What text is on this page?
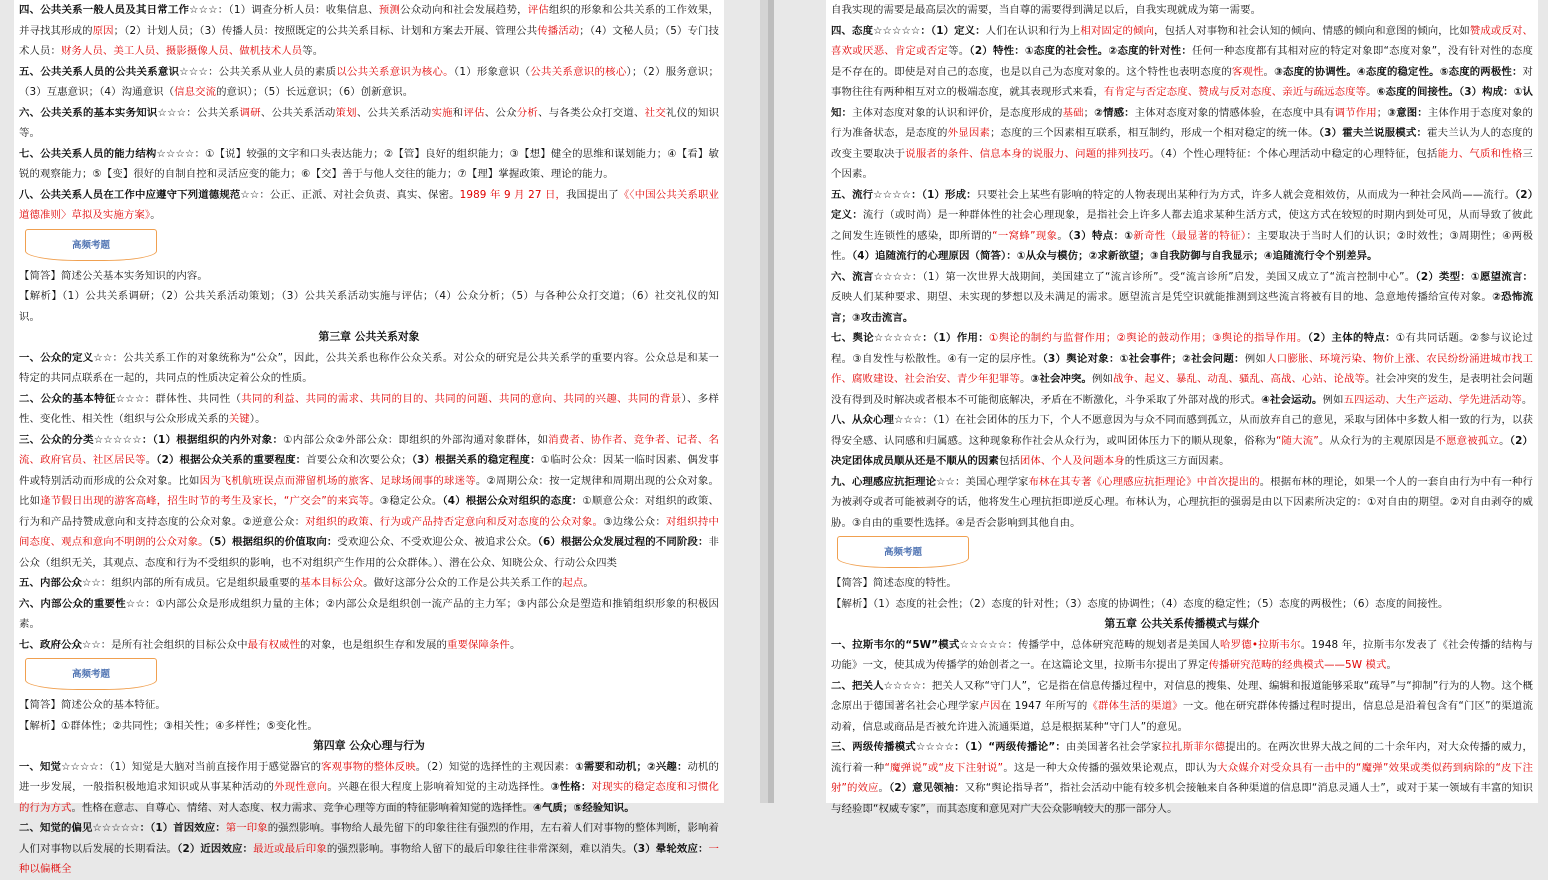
四、公共关系一般人员及其日常工作☆☆☆：（1）调查分析人员：收集信息、预测公众动向和社会发展趋势，评估组织的形象和公共关系的工作效果，并寻找其形成的原因；（2）计划人员；（3）传播人员：按照既定的公共关系目标、计划和方案去开展、管理公共传播活动；（4）文秘人员；（5）专门技术人员：财务人员、美工人员、摄影摄像人员、做机技术人员等。

五、公共关系人员的公共关系意识☆☆☆：公共关系从业人员的素质以公共关系意识为核心。（1）形象意识（公共关系意识的核心）；（2）服务意识；（3）互惠意识；（4）沟通意识（信息交流的意识）；（5）长远意识；（6）创新意识。

六、公共关系的基本实务知识☆☆☆：公共关系调研、公共关系活动策划、公共关系活动实施和评估、公众分析、与各类公众打交道、社交礼仪的知识等。

七、公共关系人员的能力结构☆☆☆☆：①【说】较强的文字和口头表达能力；②【管】良好的组织能力；③【想】健全的思维和谋划能力；④【看】敏锐的观察能力；⑤【变】很好的自制自控和灵活应变的能力；⑥【交】善于与他人交往的能力；⑦【理】掌握政策、理论的能力。

八、公共关系人员在工作中应遵守下列道德规范☆☆：公正、正派、对社会负责、真实、保密。1989 年 9 月 27 日，我国提出了《〈中国公共关系职业道德准则〉草拟及实施方案》。

高频考题

【简答】简述公关基本实务知识的内容。

【解析】（1）公共关系调研；（2）公共关系活动策划；（3）公共关系活动实施与评估；（4）公众分析；（5）与各种公众打交道；（6）社交礼仪的知识。

第三章 公共关系对象

一、公众的定义☆☆：公共关系工作的对象统称为“公众”，因此，公共关系也称作公众关系。对公众的研究是公共关系学的重要内容。公众总是和某一特定的共同点联系在一起的，共同点的性质决定着公众的性质。

二、公众的基本特征☆☆☆：群体性、共同性（共同的利益、共同的需求、共同的目的、共同的问题、共同的意向、共同的兴趣、共同的背景）、多样性、变化性、相关性（组织与公众形成关系的关键）。

三、公众的分类☆☆☆☆☆：（1）根据组织的内外对象：①内部公众②外部公众：即组织的外部沟通对象群体，如消费者、协作者、竞争者、记者、名流、政府官员、社区居民等。（2）根据公众关系的重要程度：首要公众和次要公众；（3）根据关系的稳定程度：①临时公众：因某一临时因素、偶发事件或特别活动而形成的公众对象。比如因为飞机航班误点而滞留机场的旅客、足球场闹事的球迷等。②周期公众：按一定规律和周期出现的公众对象。比如逢节假日出现的游客高峰，招生时节的考生及家长，“广交会”的来宾等。③稳定公众。（4）根据公众对组织的态度：①顺意公众：对组织的政策、行为和产品持赞成意向和支持态度的公众对象。②逆意公众：对组织的政策、行为或产品持否定意向和反对态度的公众对象。③边缘公众：对组织持中间态度、观点和意向不明朗的公众对象。（5）根据组织的价值取向：受欢迎公众、不受欢迎公众、被追求公众。（6）根据公众发展过程的不同阶段：非公众（组织无关，其观点、态度和行为不受组织的影响，也不对组织产生作用的公众群体。）、潜在公众、知晓公众、行动公众四类

五、内部公众☆☆：组织内部的所有成员。它是组织最重要的基本目标公众。做好这部分公众的工作是公共关系工作的起点。

六、内部公众的重要性☆☆：①内部公众是形成组织力量的主体；②内部公众是组织创一流产品的主力军；③内部公众是塑造和推销组织形象的积极因素。

七、政府公众☆☆：是所有社会组织的目标公众中最有权威性的对象，也是组织生存和发展的重要保障条件。

高频考题

【简答】简述公众的基本特征。

【解析】①群体性；②共同性；③相关性；④多样性；⑤变化性。

第四章 公众心理与行为

一、知觉☆☆☆☆：（1）知觉是大脑对当前直接作用于感觉器官的客观事物的整体反映。（2）知觉的选择性的主观因素：①需要和动机；②兴趣：动机的进一步发展，一般指积极地追求知识或从事某种活动的外现性意向。兴趣在很大程度上影响着知觉的主动选择性。③性格：对现实的稳定态度和习惯化的行为方式。性格在意志、自尊心、情绪、对人态度、权力需求、竞争心理等方面的特征影响着知觉的选择性。④气质；⑤经验知识。

二、知觉的偏见☆☆☆☆☆：（1）首因效应：第一印象的强烈影响。事物给人最先留下的印象往往有强烈的作用，左右着人们对事物的整体判断，影响着人们对事物以后发展的长期看法。（2）近因效应：最近或最后印象的强烈影响。事物给人留下的最后印象往往非常深刻，难以消失。（3）晕轮效应：一种以偏概全

自我实现的需要是最高层次的需要，当自尊的需要得到满足以后，自我实现就成为第一需要。

四、态度☆☆☆☆☆：（1）定义：人们在认识和行为上相对固定的倾向，包括人对事物和社会认知的倾向、情感的倾向和意图的倾向，比如赞成或反对、喜欢或厌恶、肯定或否定等。（2）特性：①态度的社会性。②态度的针对性：任何一种态度都有其相对应的特定对象即“态度对象”，没有针对性的态度是不存在的。即使是对自己的态度，也是以自己为态度对象的。这个特性也表明态度的客观性。③态度的协调性。④态度的稳定性。⑤态度的两极性：对事物往往有两种相互对立的极端态度，就其表现形式来看，有肯定与否定态度、赞成与反对态度、亲近与疏远态度等。⑥态度的间接性。（3）构成：①认知：主体对态度对象的认识和评价，是态度形成的基础；②情感：主体对态度对象的情感体验，在态度中具有调节作用；③意图：主体作用于态度对象的行为准备状态，是态度的外显因素；态度的三个因素相互联系，相互制约，形成一个相对稳定的统一体。（3）霍夫兰说服模式：霍夫兰认为人的态度的改变主要取决于说服者的条件、信息本身的说服力、问题的排列技巧。（4）个性心理特征：个体心理活动中稳定的心理特征，包括能力、气质和性格三个因素。

五、流行☆☆☆☆：（1）形成：只要社会上某些有影响的特定的人物表现出某种行为方式，许多人就会竞相效仿，从而成为一种社会风尚——流行。（2）定义：流行（或时尚）是一种群体性的社会心理现象，是指社会上许多人都去追求某种生活方式，使这方式在较短的时期内到处可见，从而导致了彼此之间发生连锁性的感染，即所谓的“一窝蜂”现象。（3）特点：①新奇性（最显著的特征）：主要取决于当时人们的认识；②时效性；③周期性；④两极性。（4）追随流行的心理原因（简答）：①从众与模仿；②求新欲望；③自我防御与自我显示；④追随流行令个别差异。

六、流言☆☆☆☆：（1）第一次世界大战期间，美国建立了“流言诊所”。受“流言诊所”启发，美国又成立了“流言控制中心”。（2）类型：①愿望流言：反映人们某种要求、期望、未实现的梦想以及未满足的需求。愿望流言是凭空识就能推测到这些流言将被有目的地、急意地传播给宣传对象。②恐怖流言；③攻击流言。

七、舆论☆☆☆☆☆：（1）作用：①舆论的制约与监督作用；②舆论的鼓动作用；③舆论的指导作用。（2）主体的特点：①有共同话题。②参与议论过程。③自发性与松散性。④有一定的层序性。（3）舆论对象：①社会事件；②社会问题：例如人口膨胀、环境污染、物价上涨、农民纷纷涌进城市找工作、腐败建设、社会治安、青少年犯罪等。③社会冲突。例如战争、起义、暴乱、动乱、骚乱、高战、心站、论战等。社会冲突的发生，是表明社会问题没有得到及时解决或者根本不可能彻底解决，矛盾在不断激化，斗争采取了外部对战的形式。④社会运动。例如五四运动、大生产运动、学先进活动等。

八、从众心理☆☆☆：（1）在社会团体的压力下，个人不愿意因为与众不同而感到孤立，从而放弃自己的意见，采取与团体中多数人相一致的行为，以获得安全感、认同感和归属感。这种现象称作社会从众行为，或叫团体压力下的顺从现象，俗称为“随大流”。从众行为的主观原因是不愿意被孤立。（2）决定团体成员顺从还是不顺从的因素包括团体、个人及问题本身的性质这三方面因素。

九、心理感应抗拒理论☆☆：美国心理学家布林在其专著《心理感应抗拒理论》中首次提出的。根据布林的理论，如果一个人的一套自由行为中有一种行为被剥夺或者可能被剥夺的话，他将发生心理抗拒即逆反心理。布林认为，心理抗拒的强弱是由以下因素所决定的：①对自由的期望。②对自由剥夺的威胁。③自由的重要性选择。④是否会影响到其他自由。

高频考题

【简答】简述态度的特性。

【解析】（1）态度的社会性；（2）态度的针对性；（3）态度的协调性；（4）态度的稳定性；（5）态度的两极性；（6）态度的间接性。

第五章 公共关系传播模式与媒介

一、拉斯韦尔的“5W”模式☆☆☆☆☆：传播学中，总体研究范畴的规划者是美国人哈罗德•拉斯韦尔。1948 年，拉斯韦尔发表了《社会传播的结构与功能》一文，使其成为传播学的始创者之一。在这篇论文里，拉斯韦尔提出了界定传播研究范畴的经典模式——5W 模式。

二、把关人☆☆☆☆：把关人又称“守门人”，它是指在信息传播过程中，对信息的搜集、处理、编辑和报道能够采取“疏导”与“抑制”行为的人物。这个概念原出于德国著名社会心理学家卢因在 1947 年所写的《群体生活的渠道》一文。他在研究群体传播过程时提出，信息总是沿着包含有“门区”的渠道流动着，信息或商品是否被允许进入流通渠道，总是根据某种“守门人”的意见。

三、两级传播模式☆☆☆☆：（1）“两级传播论”：由美国著名社会学家拉扎斯菲尔德提出的。在两次世界大战之间的二十余年内，对大众传播的威力，流行着一种“魔弹说”或“皮下注射说”。这是一种大众传播的强效果论观点，即认为大众媒介对受众具有一击中的“魔弹”效果或类似药到病除的“皮下注射”的效应。（2）意见领袖：又称“舆论指导者”，指社会活动中能有较多机会接触来自各种渠道的信息即“消息灵通人士”，或对于某一领域有丰富的知识与经验即“权威专家”，而其态度和意见对广大公众影响较大的那一部分人。
